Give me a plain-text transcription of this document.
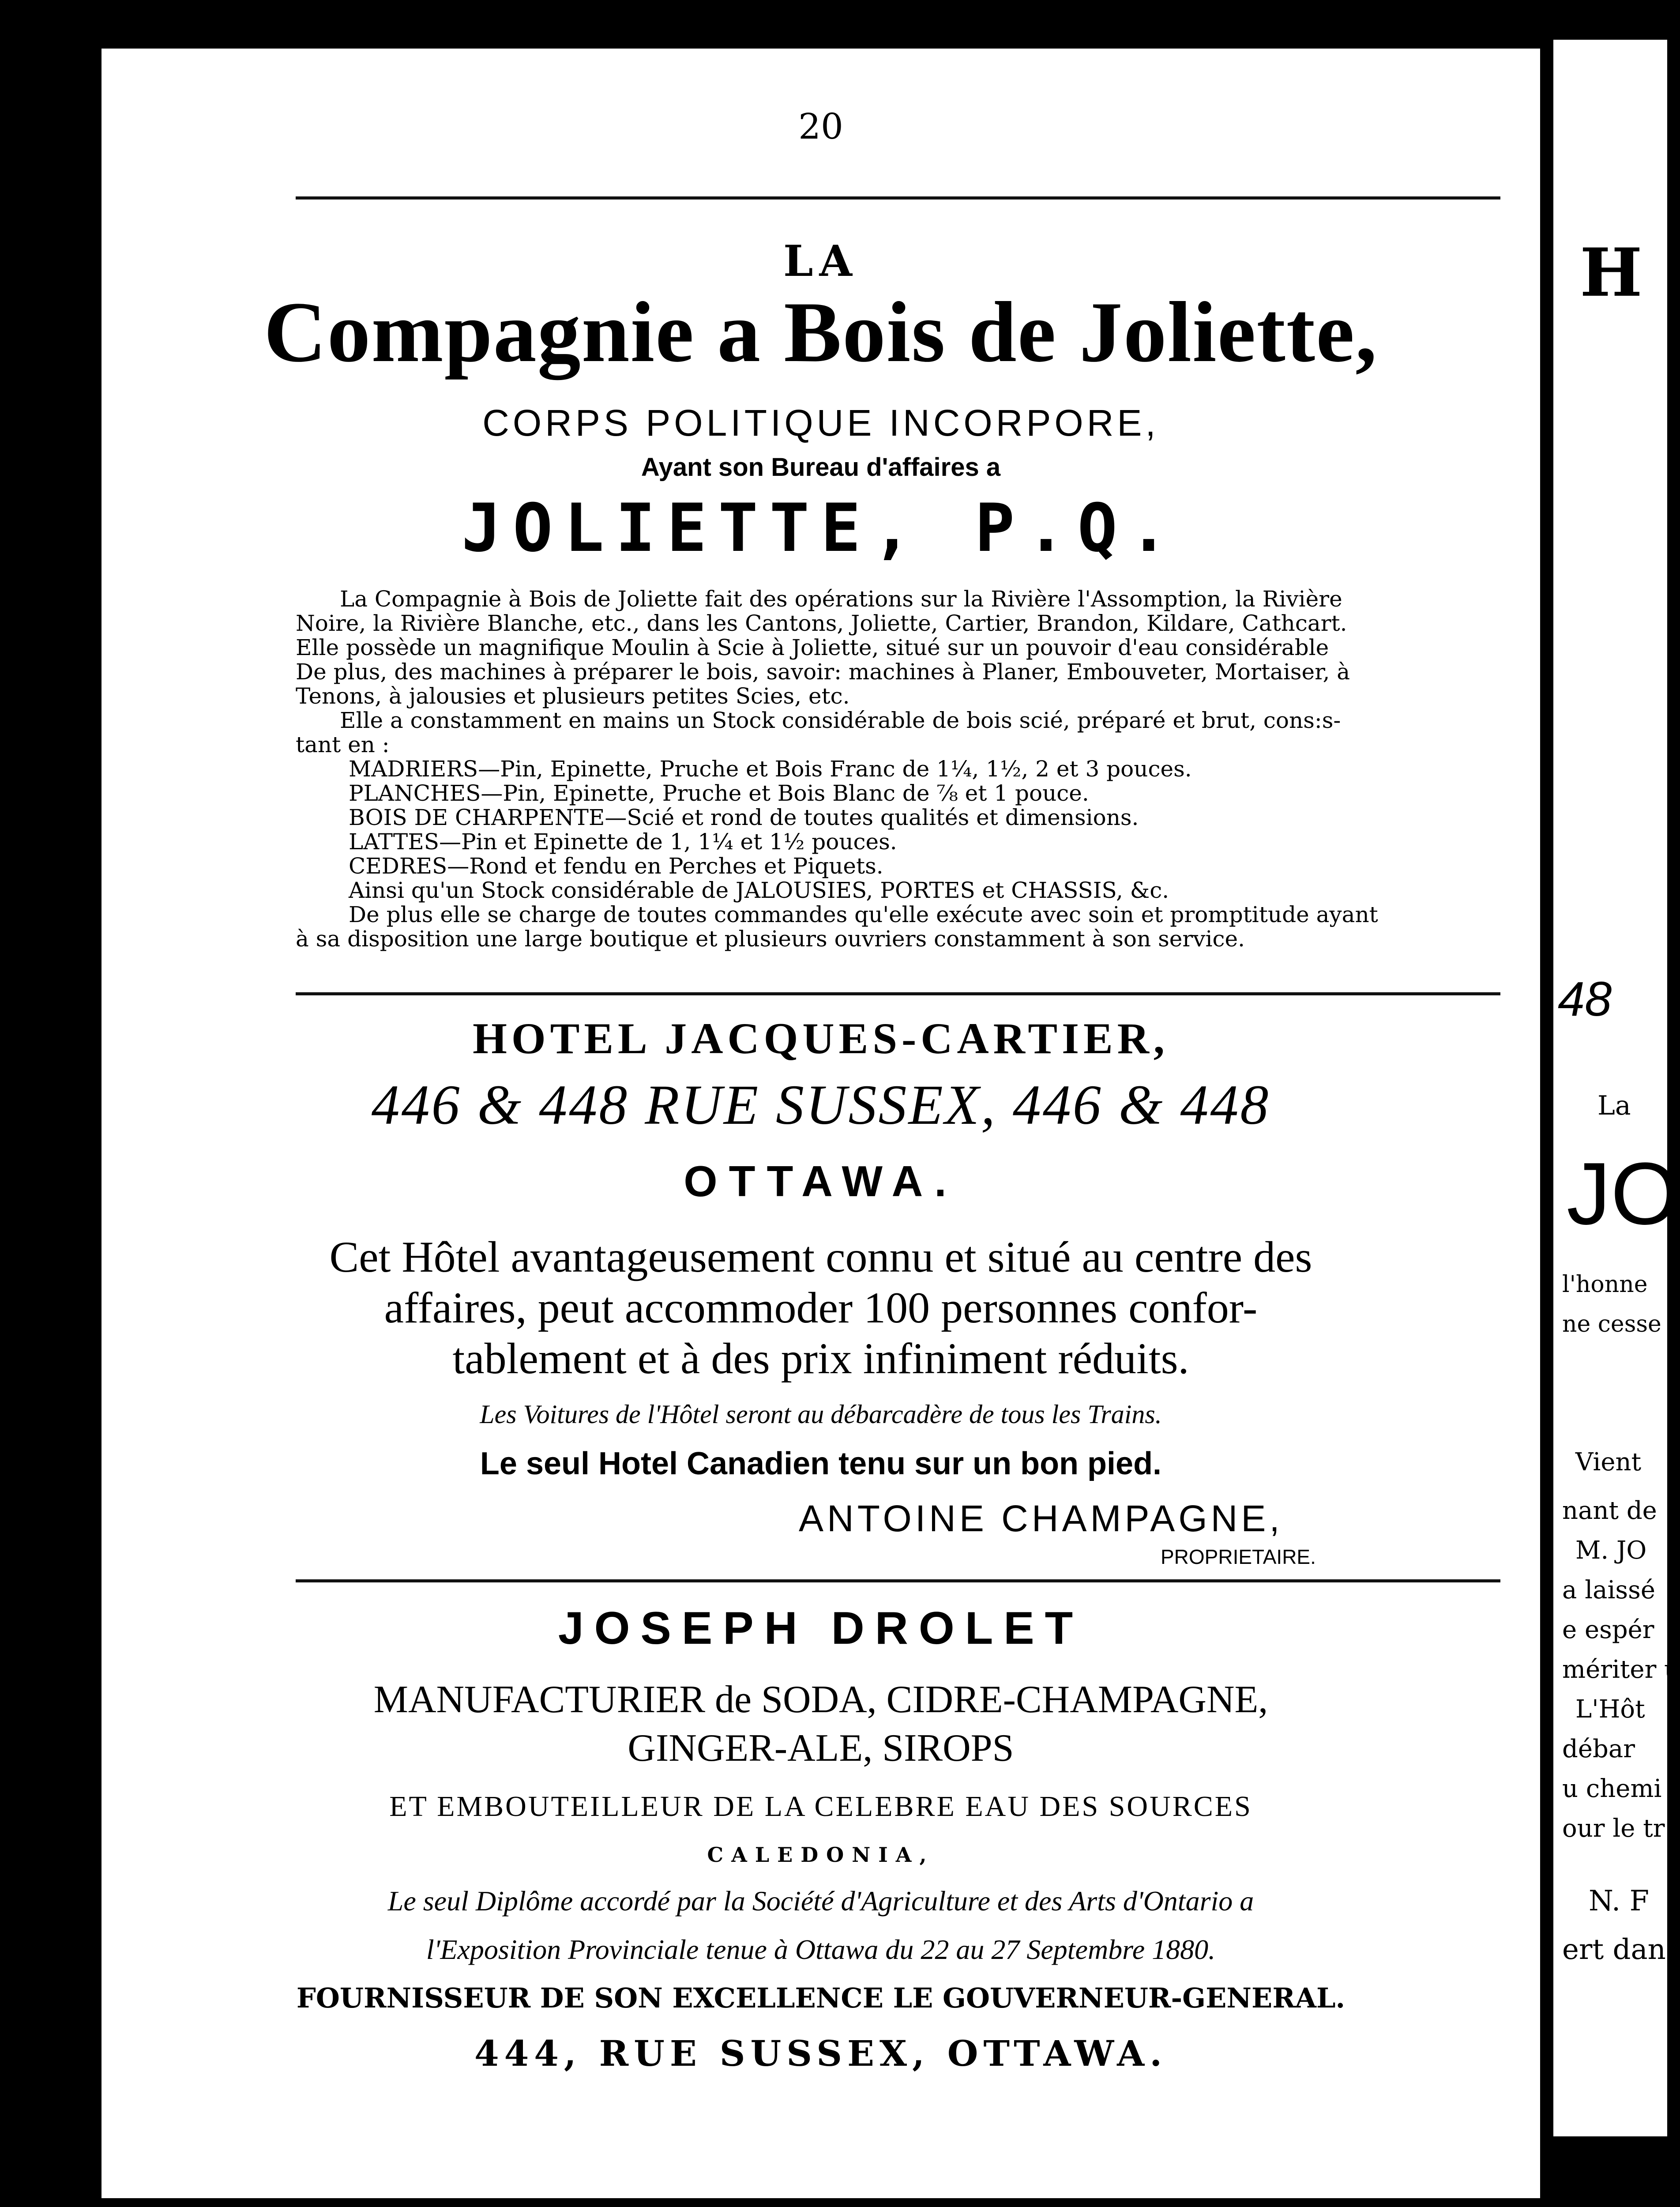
20
LA
Compagnie a Bois de Joliette,
CORPS POLITIQUE INCORPORE,
Ayant son Bureau d'affaires a
JOLIETTE, P.Q.
La Compagnie à Bois de Joliette fait des opérations sur la Rivière l'Assomption, la Rivière
Noire, la Rivière Blanche, etc., dans les Cantons, Joliette, Cartier, Brandon, Kildare, Cathcart.
Elle possède un magnifique Moulin à Scie à Joliette, situé sur un pouvoir d'eau considérable
De plus, des machines à préparer le bois, savoir: machines à Planer, Embouveter, Mortaiser, à
Tenons, à jalousies et plusieurs petites Scies, etc.
Elle a constamment en mains un Stock considérable de bois scié, préparé et brut, cons:s-
tant en :
MADRIERS—Pin, Epinette, Pruche et Bois Franc de 1¼, 1½, 2 et 3 pouces.
PLANCHES—Pin, Epinette, Pruche et Bois Blanc de ⅞ et 1 pouce.
BOIS DE CHARPENTE—Scié et rond de toutes qualités et dimensions.
LATTES—Pin et Epinette de 1, 1¼ et 1½ pouces.
CEDRES—Rond et fendu en Perches et Piquets.
Ainsi qu'un Stock considérable de JALOUSIES, PORTES et CHASSIS, &c.
De plus elle se charge de toutes commandes qu'elle exécute avec soin et promptitude ayant
à sa disposition une large boutique et plusieurs ouvriers constamment à son service.
HOTEL JACQUES-CARTIER,
446 & 448 RUE SUSSEX, 446 & 448
OTTAWA.
Cet Hôtel avantageusement connu et situé au centre des
affaires, peut accommoder 100 personnes confor-
tablement et à des prix infiniment réduits.
Les Voitures de l'Hôtel seront au débarcadère de tous les Trains.
Le seul Hotel Canadien tenu sur un bon pied.
ANTOINE CHAMPAGNE,
PROPRIETAIRE.
JOSEPH DROLET
MANUFACTURIER de SODA, CIDRE-CHAMPAGNE,
GINGER-ALE, SIROPS
ET EMBOUTEILLEUR DE LA CELEBRE EAU DES SOURCES
CALEDONIA,
Le seul Diplôme accordé par la Société d'Agriculture et des Arts d'Ontario a
l'Exposition Provinciale tenue à Ottawa du 22 au 27 Septembre 1880.
FOURNISSEUR DE SON EXCELLENCE LE GOUVERNEUR-GENERAL.
444, RUE SUSSEX, OTTAWA.
H
48
La
JO
l'honne
ne cesse
Vient
nant de
M. JO
a laissé
e espér
mériter u
L'Hôt
débar
u chemi
our le tr
N. F
ert dan
